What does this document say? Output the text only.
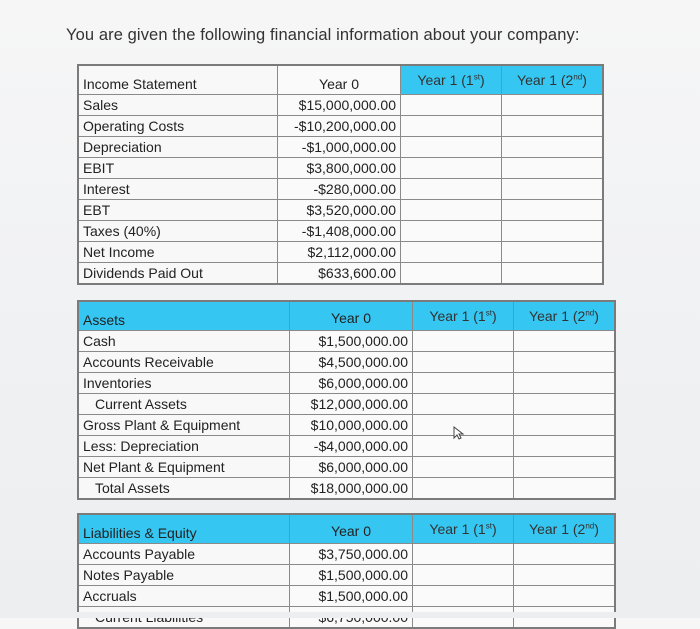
You are given the following financial information about your company:
Income Statement	Year 0	Year 1 (1st)	Year 1 (2nd)
Sales	$15,000,000.00		
Operating Costs	-$10,200,000.00		
Depreciation	-$1,000,000.00		
EBIT	$3,800,000.00		
Interest	-$280,000.00		
EBT	$3,520,000.00		
Taxes (40%)	-$1,408,000.00		
Net Income	$2,112,000.00		
Dividends Paid Out	$633,600.00		
Assets	Year 0	Year 1 (1st)	Year 1 (2nd)
Cash	$1,500,000.00		
Accounts Receivable	$4,500,000.00		
Inventories	$6,000,000.00		
Current Assets	$12,000,000.00		
Gross Plant & Equipment	$10,000,000.00		
Less: Depreciation	-$4,000,000.00		
Net Plant & Equipment	$6,000,000.00		
Total Assets	$18,000,000.00		
Liabilities & Equity	Year 0	Year 1 (1st)	Year 1 (2nd)
Accounts Payable	$3,750,000.00		
Notes Payable	$1,500,000.00		
Accruals	$1,500,000.00		
